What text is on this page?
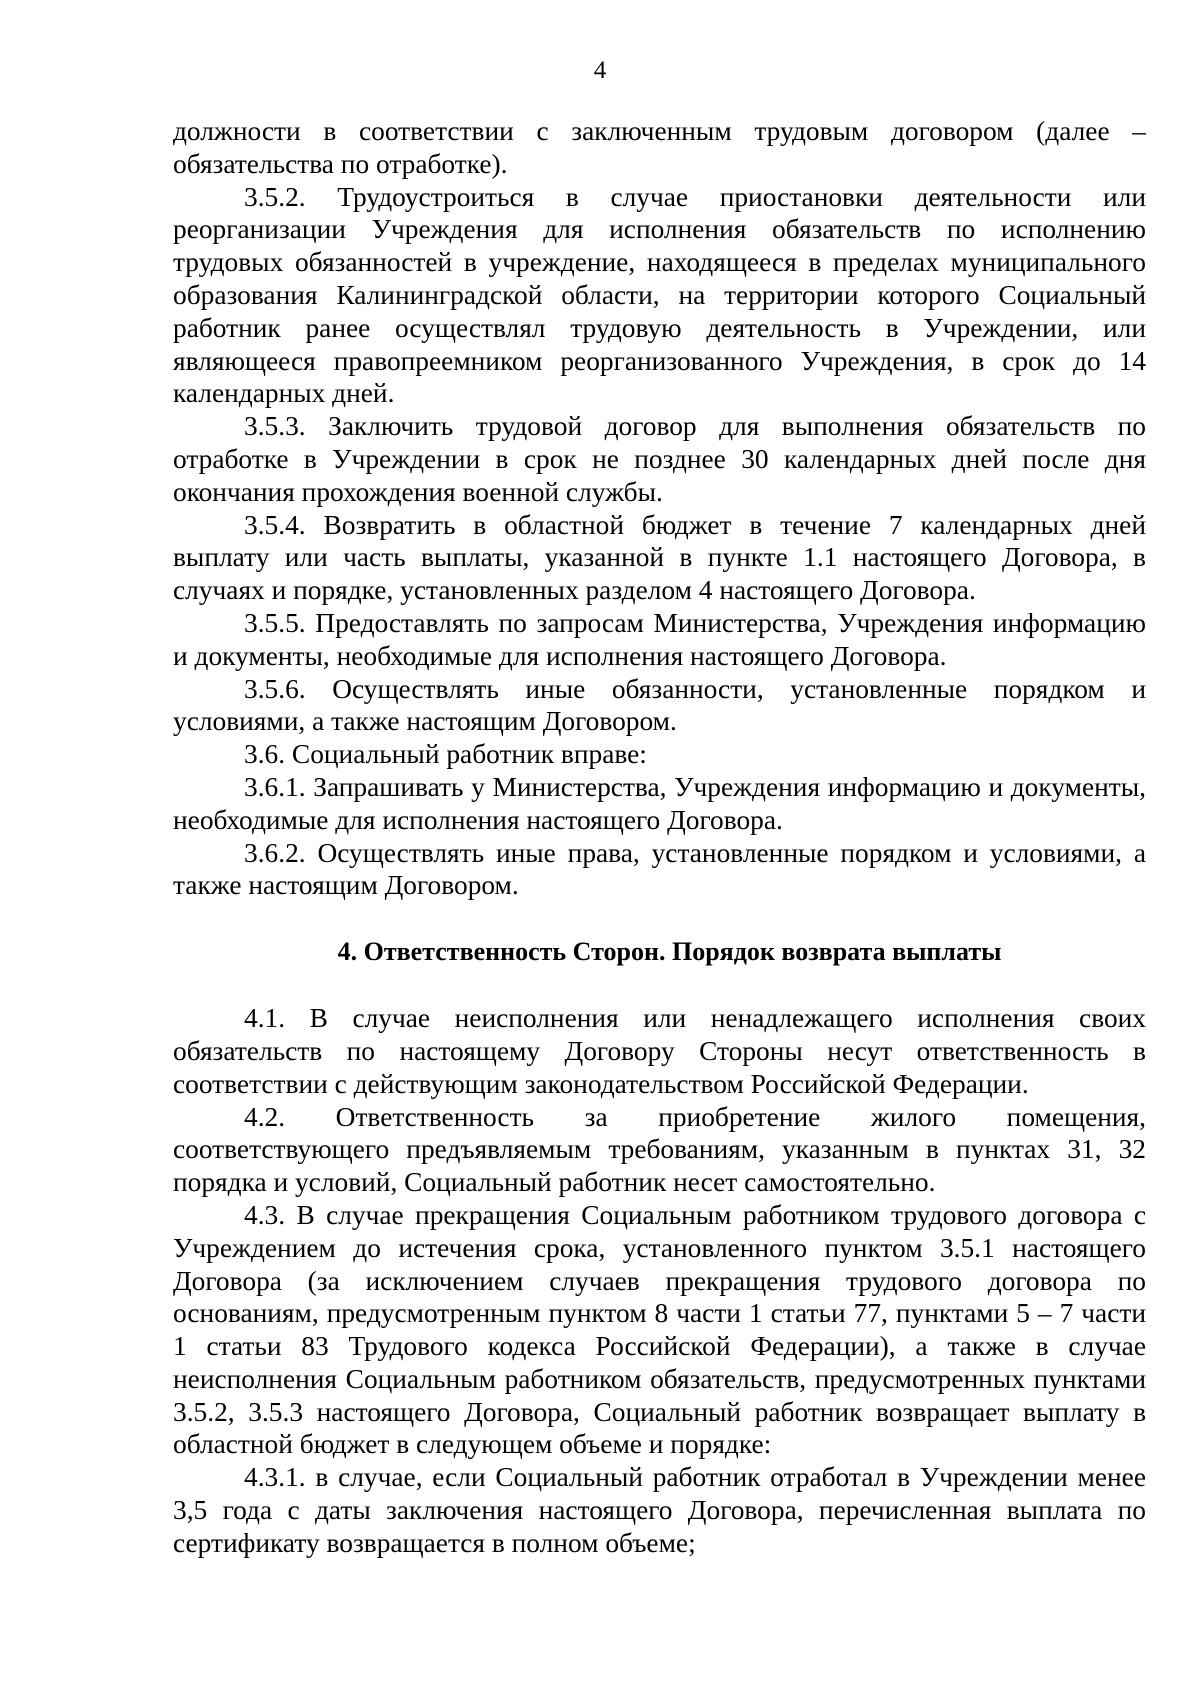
4

должности в соответствии с заключенным трудовым договором (далее – обязательства по отработке).

3.5.2. Трудоустроиться в случае приостановки деятельности или реорганизации Учреждения для исполнения обязательств по исполнению трудовых обязанностей в учреждение, находящееся в пределах муниципального образования Калининградской области, на территории которого Социальный работник ранее осуществлял трудовую деятельность в Учреждении, или являющееся правопреемником реорганизованного Учреждения, в срок до 14 календарных дней.

3.5.3. Заключить трудовой договор для выполнения обязательств по отработке в Учреждении в срок не позднее 30 календарных дней после дня окончания прохождения военной службы.

3.5.4. Возвратить в областной бюджет в течение 7 календарных дней выплату или часть выплаты, указанной в пункте 1.1 настоящего Договора, в случаях и порядке, установленных разделом 4 настоящего Договора.

3.5.5. Предоставлять по запросам Министерства, Учреждения информацию и документы, необходимые для исполнения настоящего Договора.

3.5.6. Осуществлять иные обязанности, установленные порядком и условиями, а также настоящим Договором.

3.6. Социальный работник вправе:

3.6.1. Запрашивать у Министерства, Учреждения информацию и документы, необходимые для исполнения настоящего Договора.

3.6.2. Осуществлять иные права, установленные порядком и условиями, а также настоящим Договором.

4. Ответственность Сторон. Порядок возврата выплаты

4.1. В случае неисполнения или ненадлежащего исполнения своих обязательств по настоящему Договору Стороны несут ответственность в соответствии с действующим законодательством Российской Федерации.

4.2. Ответственность за приобретение жилого помещения, соответствующего предъявляемым требованиям, указанным в пунктах 31, 32 порядка и условий, Социальный работник несет самостоятельно.

4.3. В случае прекращения Социальным работником трудового договора с Учреждением до истечения срока, установленного пунктом 3.5.1 настоящего Договора (за исключением случаев прекращения трудового договора по основаниям, предусмотренным пунктом 8 части 1 статьи 77, пунктами 5 – 7 части 1 статьи 83 Трудового кодекса Российской Федерации), а также в случае неисполнения Социальным работником обязательств, предусмотренных пунктами 3.5.2, 3.5.3 настоящего Договора, Социальный работник возвращает выплату в областной бюджет в следующем объеме и порядке:

4.3.1. в случае, если Социальный работник отработал в Учреждении менее 3,5 года с даты заключения настоящего Договора, перечисленная выплата по сертификату возвращается в полном объеме;
